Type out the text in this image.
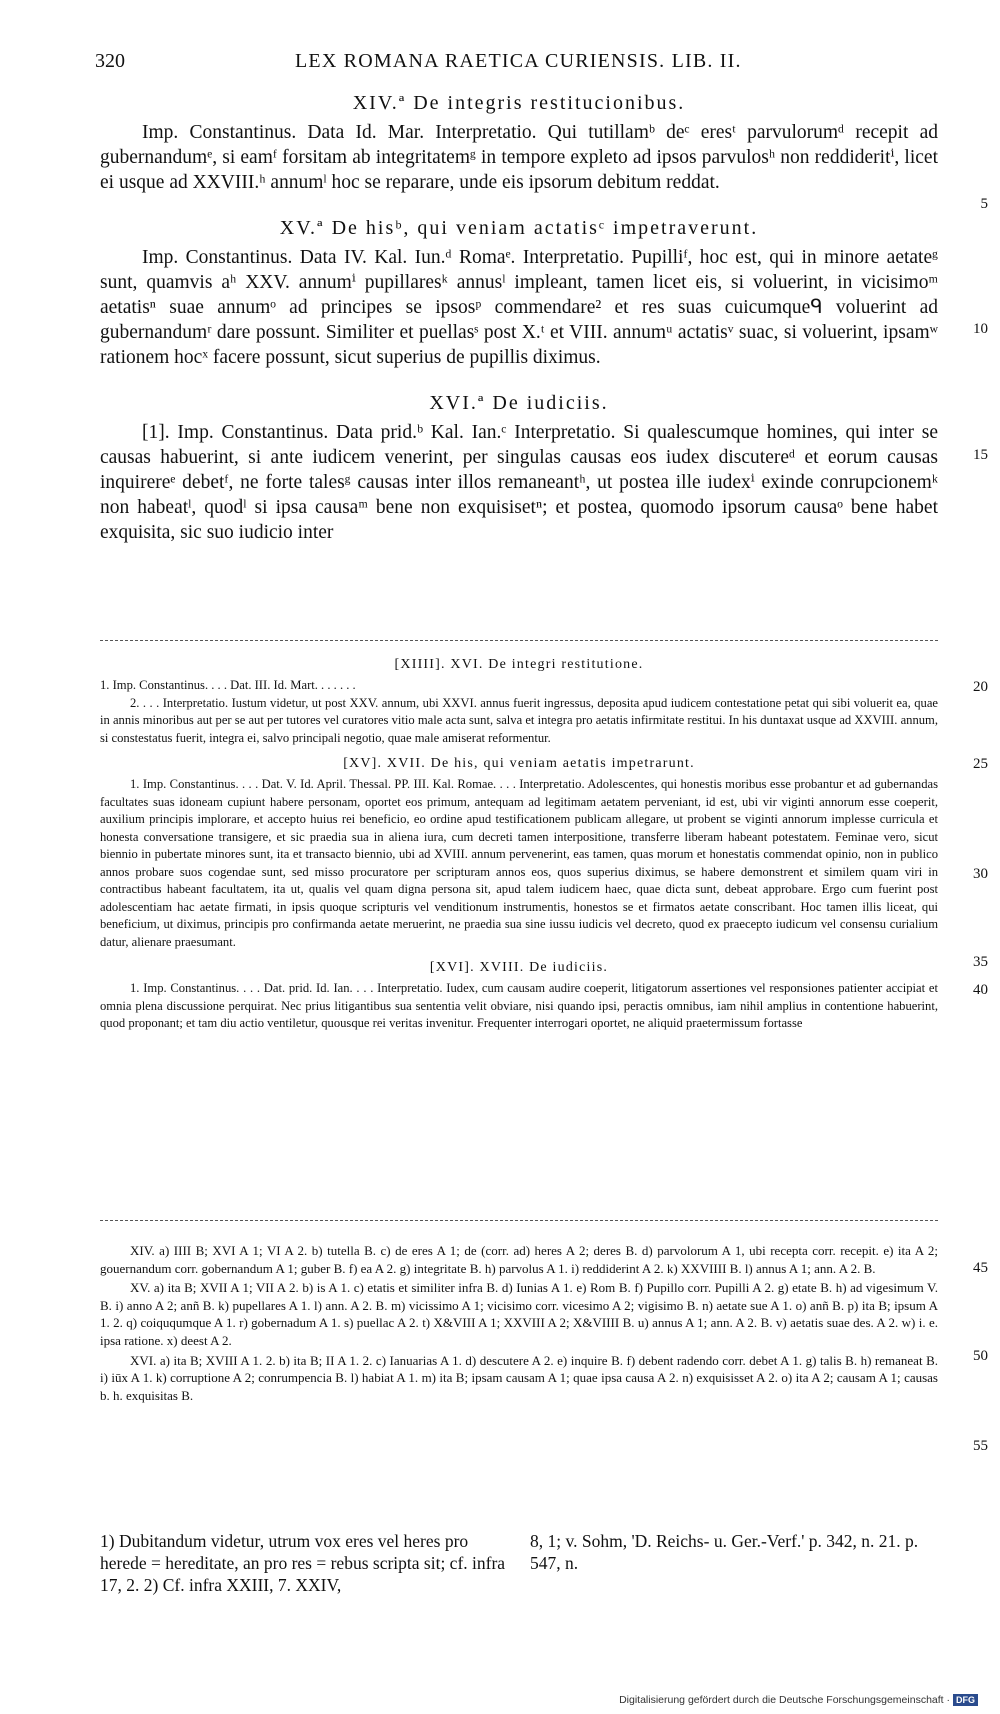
320	LEX ROMANA RAETICA CURIENSIS. LIB. II.

XIV.ª De integris restitucionibus.

Imp. Constantinus. Data Id. Mar. Interpretatio. Qui tutillamᵇ deᶜ eresᵗ parvulorumᵈ recepit ad gubernandumᵉ, si eamᶠ forsitam ab integritatemᵍ in tempore expleto ad ipsos parvulosʰ non reddideritⁱ, licet ei usque ad XXVIII.ʰ annumˡ hoc se reparare, unde eis ipsorum debitum reddat.

5

XV.ª De hisᵇ, qui veniam actatisᶜ impetraverunt.

Imp. Constantinus. Data IV. Kal. Iun.ᵈ Romaᵉ. Interpretatio. Pupilliᶠ, hoc est, qui in minore aetateᵍ sunt, quamvis aʰ XXV. annumⁱ pupillaresᵏ annusˡ impleant, tamen licet eis, si voluerint, in vicisimoᵐ aetatisⁿ suae annumᵒ ad principes se ipsosᵖ commendare² et res suas cuicumqueᑫ voluerint ad gubernandumʳ dare possunt. Similiter et puellasˢ post X.ᵗ et VIII. annumᵘ actatisᵛ suac, si voluerint, ipsamʷ rationem hocˣ facere possunt, sicut superius de pupillis diximus.

10

XVI.ª De iudiciis.

[1]. Imp. Constantinus. Data prid.ᵇ Kal. Ian.ᶜ Interpretatio. Si qualescumque homines, qui inter se causas habuerint, si ante iudicem venerint, per singulas causas eos iudex discutereᵈ et eorum causas inquirereᵉ debetᶠ, ne forte talesᵍ causas inter illos remaneantʰ, ut postea ille iudexⁱ exinde conrupcionemᵏ non habeatˡ, quodˡ si ipsa causaᵐ bene non exquisisetⁿ; et postea, quomodo ipsorum causaᵒ bene habet exquisita, sic suo iudicio inter

15

[XIIII]. XVI. De integri restitutione.

1. Imp. Constantinus. . . . Dat. III. Id. Mart. . . . . . .

2. . . . Interpretatio. Iustum videtur, ut post XXV. annum, ubi XXVI. annus fuerit ingressus, deposita apud iudicem contestatione petat qui sibi voluerit ea, quae in annis minoribus aut per se aut per tutores vel curatores vitio male acta sunt, salva et integra pro aetatis infirmitate restitui. In his duntaxat usque ad XXVIII. annum, si constestatus fuerit, integra ei, salvo principali negotio, quae male amiserat reformentur.

20

[XV]. XVII. De his, qui veniam aetatis impetrarunt.

1. Imp. Constantinus. . . . Dat. V. Id. April. Thessal. PP. III. Kal. Romae. . . . Interpretatio. Adolescentes, qui honestis moribus esse probantur et ad gubernandas facultates suas idoneam cupiunt habere personam, oportet eos primum, antequam ad legitimam aetatem perveniant, id est, ubi vir viginti annorum esse coeperit, auxilium principis implorare, et accepto huius rei beneficio, eo ordine apud testificationem publicam allegare, ut probent se viginti annorum implesse curricula et honesta conversatione transigere, et sic praedia sua in aliena iura, cum decreti tamen interpositione, transferre liberam habeant potestatem. Feminae vero, sicut biennio in pubertate minores sunt, ita et transacto biennio, ubi ad XVIII. annum pervenerint, eas tamen, quas morum et honestatis commendat opinio, non in publico annos probare suos cogendae sunt, sed misso procuratore per scripturam annos eos, quos superius diximus, se habere demonstrent et similem quam viri in contractibus habeant facultatem, ita ut, qualis vel quam digna persona sit, apud talem iudicem haec, quae dicta sunt, debeat approbare. Ergo cum fuerint post adolescentiam hac aetate firmati, in ipsis quoque scripturis vel venditionum instrumentis, honestos se et firmatos aetate conscribant. Hoc tamen illis liceat, qui beneficium, ut diximus, principis pro confirmanda aetate meruerint, ne praedia sua sine iussu iudicis vel decreto, quod ex praecepto iudicum vel consensu curialium datur, alienare praesumant.

25
30
35

[XVI]. XVIII. De iudiciis.

1. Imp. Constantinus. . . . Dat. prid. Id. Ian. . . . Interpretatio. Iudex, cum causam audire coeperit, litigatorum assertiones vel responsiones patienter accipiat et omnia plena discussione perquirat. Nec prius litigantibus sua sententia velit obviare, nisi quando ipsi, peractis omnibus, iam nihil amplius in contentione habuerint, quod proponant; et tam diu actio ventiletur, quousque rei veritas invenitur. Frequenter interrogari oportet, ne aliquid praetermissum fortasse

40

XIV. a) IIII B; XVI A 1; VI A 2. b) tutella B. c) de eres A 1; de (corr. ad) heres A 2; deres B. d) parvolorum A 1, ubi recepta corr. recepit. e) ita A 2; gouernandum corr. gobernandum A 1; guber B. f) ea A 2. g) integritate B. h) parvolus A 1. i) reddiderint A 2. k) XXVIIII B. l) annus A 1; ann. A 2. B.

XV. a) ita B; XVII A 1; VII A 2. b) is A 1. c) etatis et similiter infra B. d) Iunias A 1. e) Rom B. f) Pupillo corr. Pupilli A 2. g) etate B. h) ad vigesimum V. B. i) anno A 2; anñ B. k) pupellares A 1. l) ann. A 2. B. m) vicissimo A 1; vicisimo corr. vicesimo A 2; vigisimo B. n) aetate sue A 1. o) anñ B. p) ita B; ipsum A 1. 2. q) coiququmque A 1. r) gobernadum A 1. s) puellac A 2. t) X&VIII A 1; XXVIII A 2; X&VIIII B. u) annus A 1; ann. A 2. B. v) aetatis suae des. A 2. w) i. e. ipsa ratione. x) deest A 2.

XVI. a) ita B; XVIII A 1. 2. b) ita B; II A 1. 2. c) Ianuarias A 1. d) descutere A 2. e) inquire B. f) debent radendo corr. debet A 1. g) talis B. h) remaneat B. i) iūx A 1. k) corruptione A 2; conrumpencia B. l) habiat A 1. m) ita B; ipsam causam A 1; quae ipsa causa A 2. n) exquisisset A 2. o) ita A 2; causam A 1; causas b. h. exquisitas B.

45
50
55
1) Dubitandum videtur, utrum vox eres vel heres pro herede = hereditate, an pro res = rebus scripta sit; cf. infra 17, 2. 2) Cf. infra XXIII, 7. XXIV,
8, 1; v. Sohm, 'D. Reichs- u. Ger.-Verf.' p. 342, n. 21. p. 547, n.
Digitalisierung gefördert durch die Deutsche Forschungsgemeinschaft · DFG
